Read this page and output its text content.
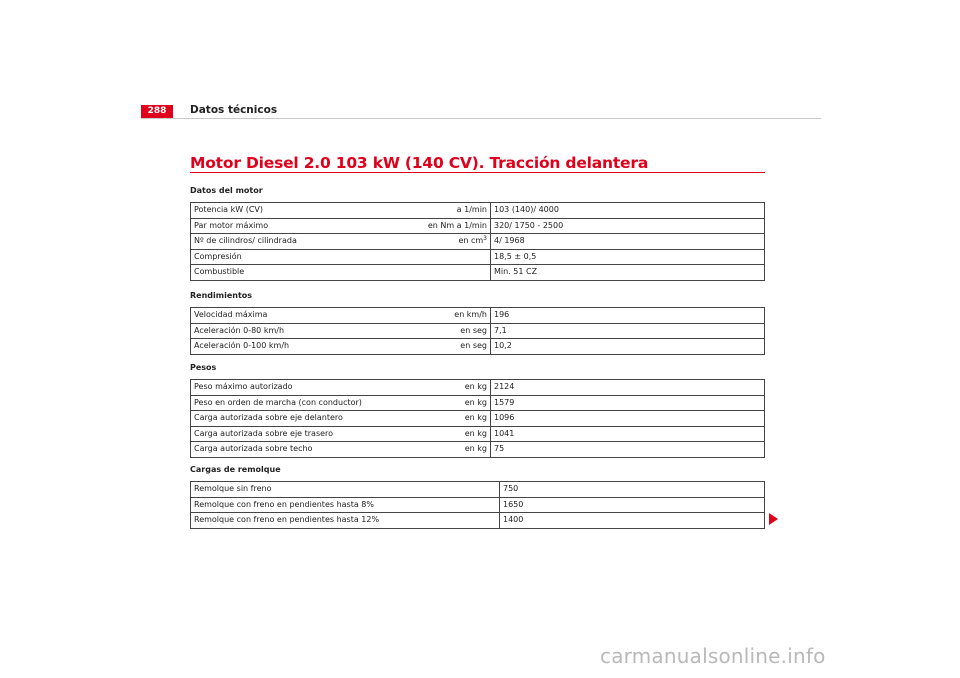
288	Datos técnicos
Motor Diesel 2.0 103 kW (140 CV). Tracción delantera
Datos del motor
Potencia kW (CV)	a 1/min	103 (140)/ 4000
Par motor máximo	en Nm a 1/min	320/ 1750 - 2500
Nº de cilindros/ cilindrada	en $cm^3$	4/ 1968
Compresión		18,5 ± 0,5
Combustible		Min. 51 CZ
Rendimientos
Velocidad máxima	en km/h	196
Aceleración 0-80 km/h	en seg	7,1
Aceleración 0-100 km/h	en seg	10,2
Pesos
Peso máximo autorizado	en kg	2124
Peso en orden de marcha (con conductor)	en kg	1579
Carga autorizada sobre eje delantero	en kg	1096
Carga autorizada sobre eje trasero	en kg	1041
Carga autorizada sobre techo	en kg	75
Cargas de remolque
Remolque sin freno	750
Remolque con freno en pendientes hasta 8%	1650
Remolque con freno en pendientes hasta 12%	1400
carmanualsonline.info
